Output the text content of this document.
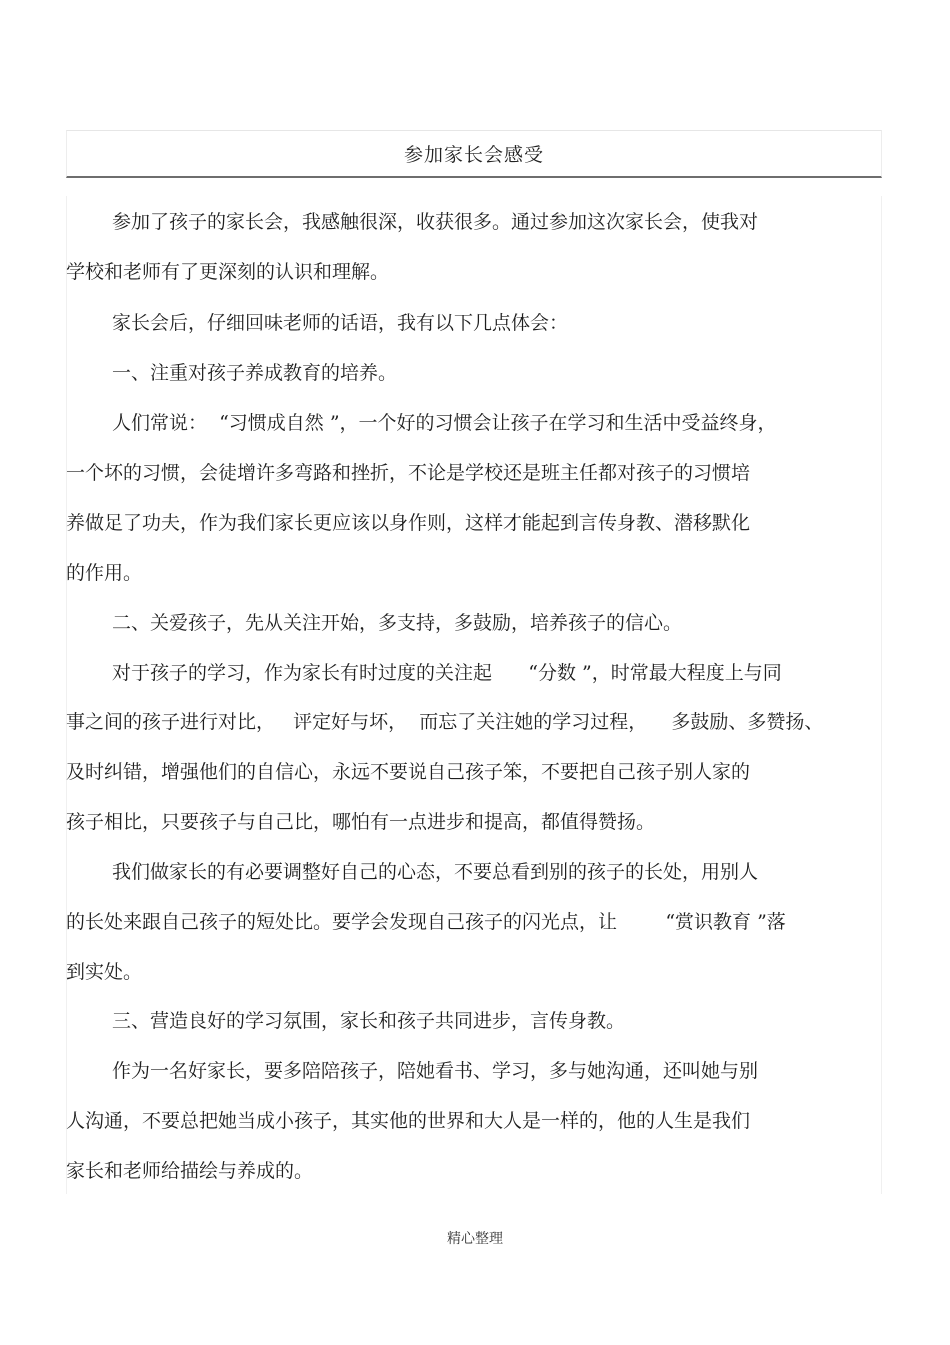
参加家长会感受
参加了孩子的家长会，我感触很深，收获很多。通过参加这次家长会，使我对
学校和老师有了更深刻的认识和理解。
家长会后，仔细回味老师的话语，我有以下几点体会：
一、注重对孩子养成教育的培养。
人们常说：  “习惯成自然 ”，一个好的习惯会让孩子在学习和生活中受益终身，
一个坏的习惯，会徒增许多弯路和挫折，不论是学校还是班主任都对孩子的习惯培
养做足了功夫，作为我们家长更应该以身作则，这样才能起到言传身教、潜移默化
的作用。
二、关爱孩子，先从关注开始，多支持，多鼓励，培养孩子的信心。
对于孩子的学习，作为家长有时过度的关注起      “分数 ”，时常最大程度上与同
事之间的孩子进行对比，   评定好与坏，  而忘了关注她的学习过程，    多鼓励、多赞扬、
及时纠错，增强他们的自信心，永远不要说自己孩子笨，不要把自己孩子别人家的
孩子相比，只要孩子与自己比，哪怕有一点进步和提高，都值得赞扬。
我们做家长的有必要调整好自己的心态，不要总看到别的孩子的长处，用别人
的长处来跟自己孩子的短处比。要学会发现自己孩子的闪光点，让        “赏识教育 ”落
到实处。
三、营造良好的学习氛围，家长和孩子共同进步，言传身教。
作为一名好家长，要多陪陪孩子，陪她看书、学习，多与她沟通，还叫她与别
人沟通，不要总把她当成小孩子，其实他的世界和大人是一样的，他的人生是我们
家长和老师给描绘与养成的。
精心整理
